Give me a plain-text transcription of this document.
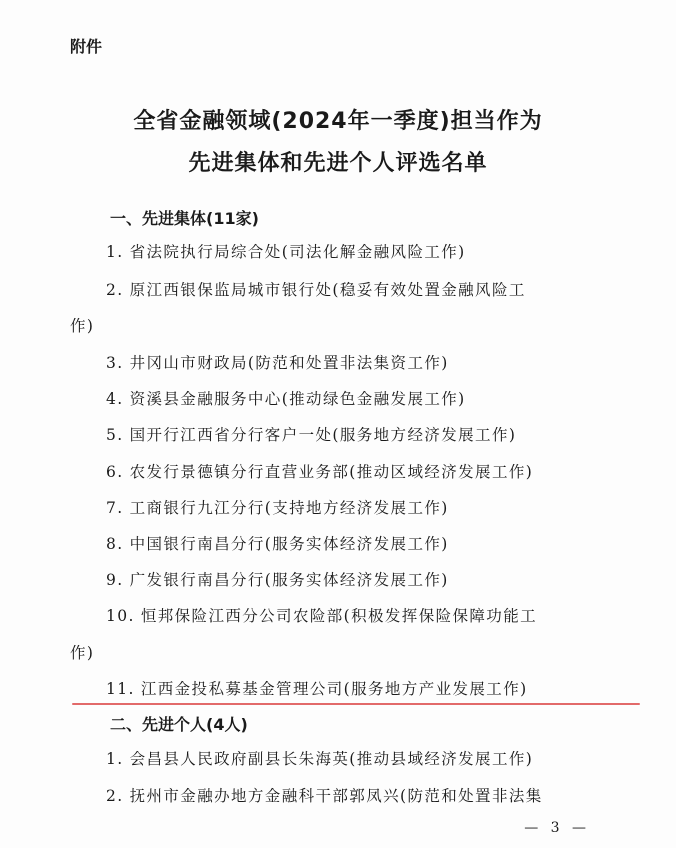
附件
全省金融领域(2024年一季度)担当作为
先进集体和先进个人评选名单
一、先进集体(11家)
1. 省法院执行局综合处(司法化解金融风险工作)
2. 原江西银保监局城市银行处(稳妥有效处置金融风险工
作)
3. 井冈山市财政局(防范和处置非法集资工作)
4. 资溪县金融服务中心(推动绿色金融发展工作)
5. 国开行江西省分行客户一处(服务地方经济发展工作)
6. 农发行景德镇分行直营业务部(推动区域经济发展工作)
7. 工商银行九江分行(支持地方经济发展工作)
8. 中国银行南昌分行(服务实体经济发展工作)
9. 广发银行南昌分行(服务实体经济发展工作)
10. 恒邦保险江西分公司农险部(积极发挥保险保障功能工
作)
11. 江西金投私募基金管理公司(服务地方产业发展工作)
二、先进个人(4人)
1. 会昌县人民政府副县长朱海英(推动县域经济发展工作)
2. 抚州市金融办地方金融科干部郭凤兴(防范和处置非法集
— 3 —
